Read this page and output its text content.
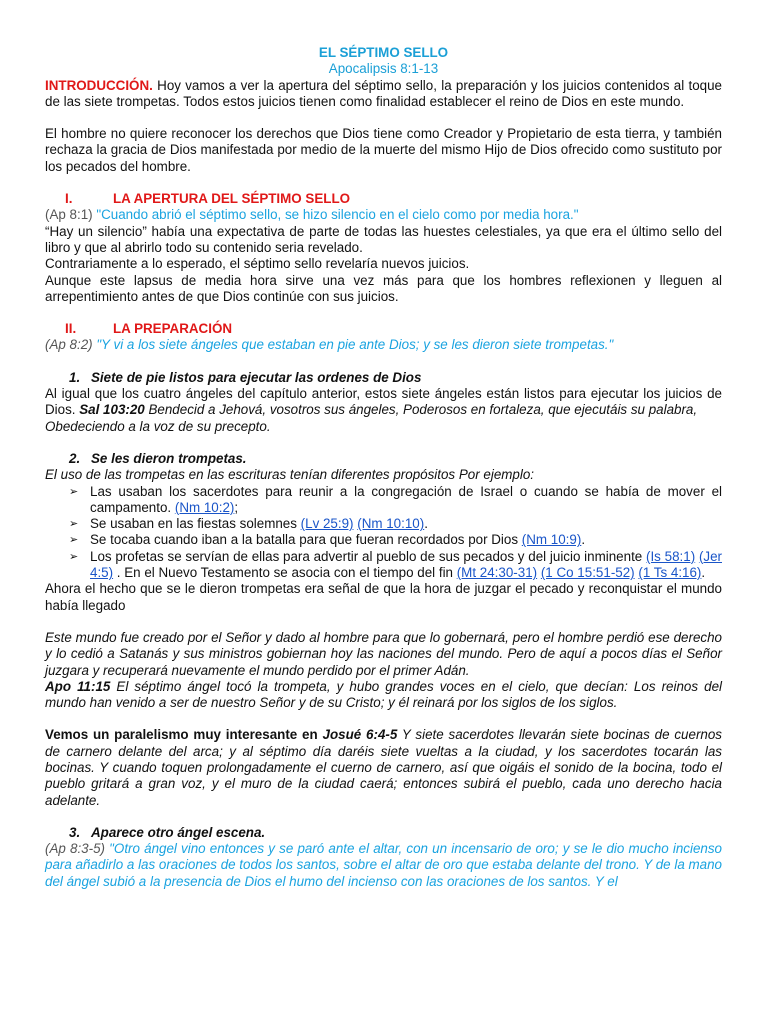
EL SÉPTIMO SELLO
Apocalipsis 8:1-13
INTRODUCCIÓN. Hoy vamos a ver la apertura del séptimo sello, la preparación y los juicios contenidos al toque de las siete trompetas. Todos estos juicios tienen como finalidad establecer el reino de Dios en este mundo.
El hombre no quiere reconocer los derechos que Dios tiene como Creador y Propietario de esta tierra, y también rechaza la gracia de Dios manifestada por medio de la muerte del mismo Hijo de Dios ofrecido como sustituto por los pecados del hombre.
I.	LA APERTURA DEL SÉPTIMO SELLO
(Ap 8:1) "Cuando abrió el séptimo sello, se hizo silencio en el cielo como por media hora."
“Hay un silencio” había una expectativa de parte de todas las huestes celestiales, ya que era el último sello del libro y que al abrirlo todo su contenido seria revelado.
Contrariamente a lo esperado, el séptimo sello revelaría nuevos juicios.
Aunque este lapsus de media hora sirve una vez más para que los hombres reflexionen y lleguen al arrepentimiento antes de que Dios continúe con sus juicios.
II.	LA PREPARACIÓN
(Ap 8:2) "Y vi a los siete ángeles que estaban en pie ante Dios; y se les dieron siete trompetas."
1. Siete de pie listos para ejecutar las ordenes de Dios
Al igual que los cuatro ángeles del capítulo anterior, estos siete ángeles están listos para ejecutar los juicios de Dios. Sal 103:20 Bendecid a Jehová, vosotros sus ángeles, Poderosos en fortaleza, que ejecutáis su palabra,
Obedeciendo a la voz de su precepto.
2. Se les dieron trompetas.
El uso de las trompetas en las escrituras tenían diferentes propósitos Por ejemplo:
➢ Las usaban los sacerdotes para reunir a la congregación de Israel o cuando se había de mover el campamento. (Nm 10:2);
➢ Se usaban en las fiestas solemnes (Lv 25:9) (Nm 10:10).
➢ Se tocaba cuando iban a la batalla para que fueran recordados por Dios (Nm 10:9).
➢ Los profetas se servían de ellas para advertir al pueblo de sus pecados y del juicio inminente (Is 58:1) (Jer 4:5) . En el Nuevo Testamento se asocia con el tiempo del fin (Mt 24:30-31) (1 Co 15:51-52) (1 Ts 4:16).
Ahora el hecho que se le dieron trompetas era señal de que la hora de juzgar el pecado y reconquistar el mundo había llegado
Este mundo fue creado por el Señor y dado al hombre para que lo gobernará, pero el hombre perdió ese derecho y lo cedió a Satanás y sus ministros gobiernan hoy las naciones del mundo. Pero de aquí a pocos días el Señor juzgara y recuperará nuevamente el mundo perdido por el primer Adán.
Apo 11:15 El séptimo ángel tocó la trompeta, y hubo grandes voces en el cielo, que decían: Los reinos del mundo han venido a ser de nuestro Señor y de su Cristo; y él reinará por los siglos de los siglos.
Vemos un paralelismo muy interesante en Josué 6:4-5 Y siete sacerdotes llevarán siete bocinas de cuernos de carnero delante del arca; y al séptimo día daréis siete vueltas a la ciudad, y los sacerdotes tocarán las bocinas. Y cuando toquen prolongadamente el cuerno de carnero, así que oigáis el sonido de la bocina, todo el pueblo gritará a gran voz, y el muro de la ciudad caerá; entonces subirá el pueblo, cada uno derecho hacia adelante.
3. Aparece otro ángel escena.
(Ap 8:3-5) "Otro ángel vino entonces y se paró ante el altar, con un incensario de oro; y se le dio mucho incienso para añadirlo a las oraciones de todos los santos, sobre el altar de oro que estaba delante del trono. Y de la mano del ángel subió a la presencia de Dios el humo del incienso con las oraciones de los santos. Y el
